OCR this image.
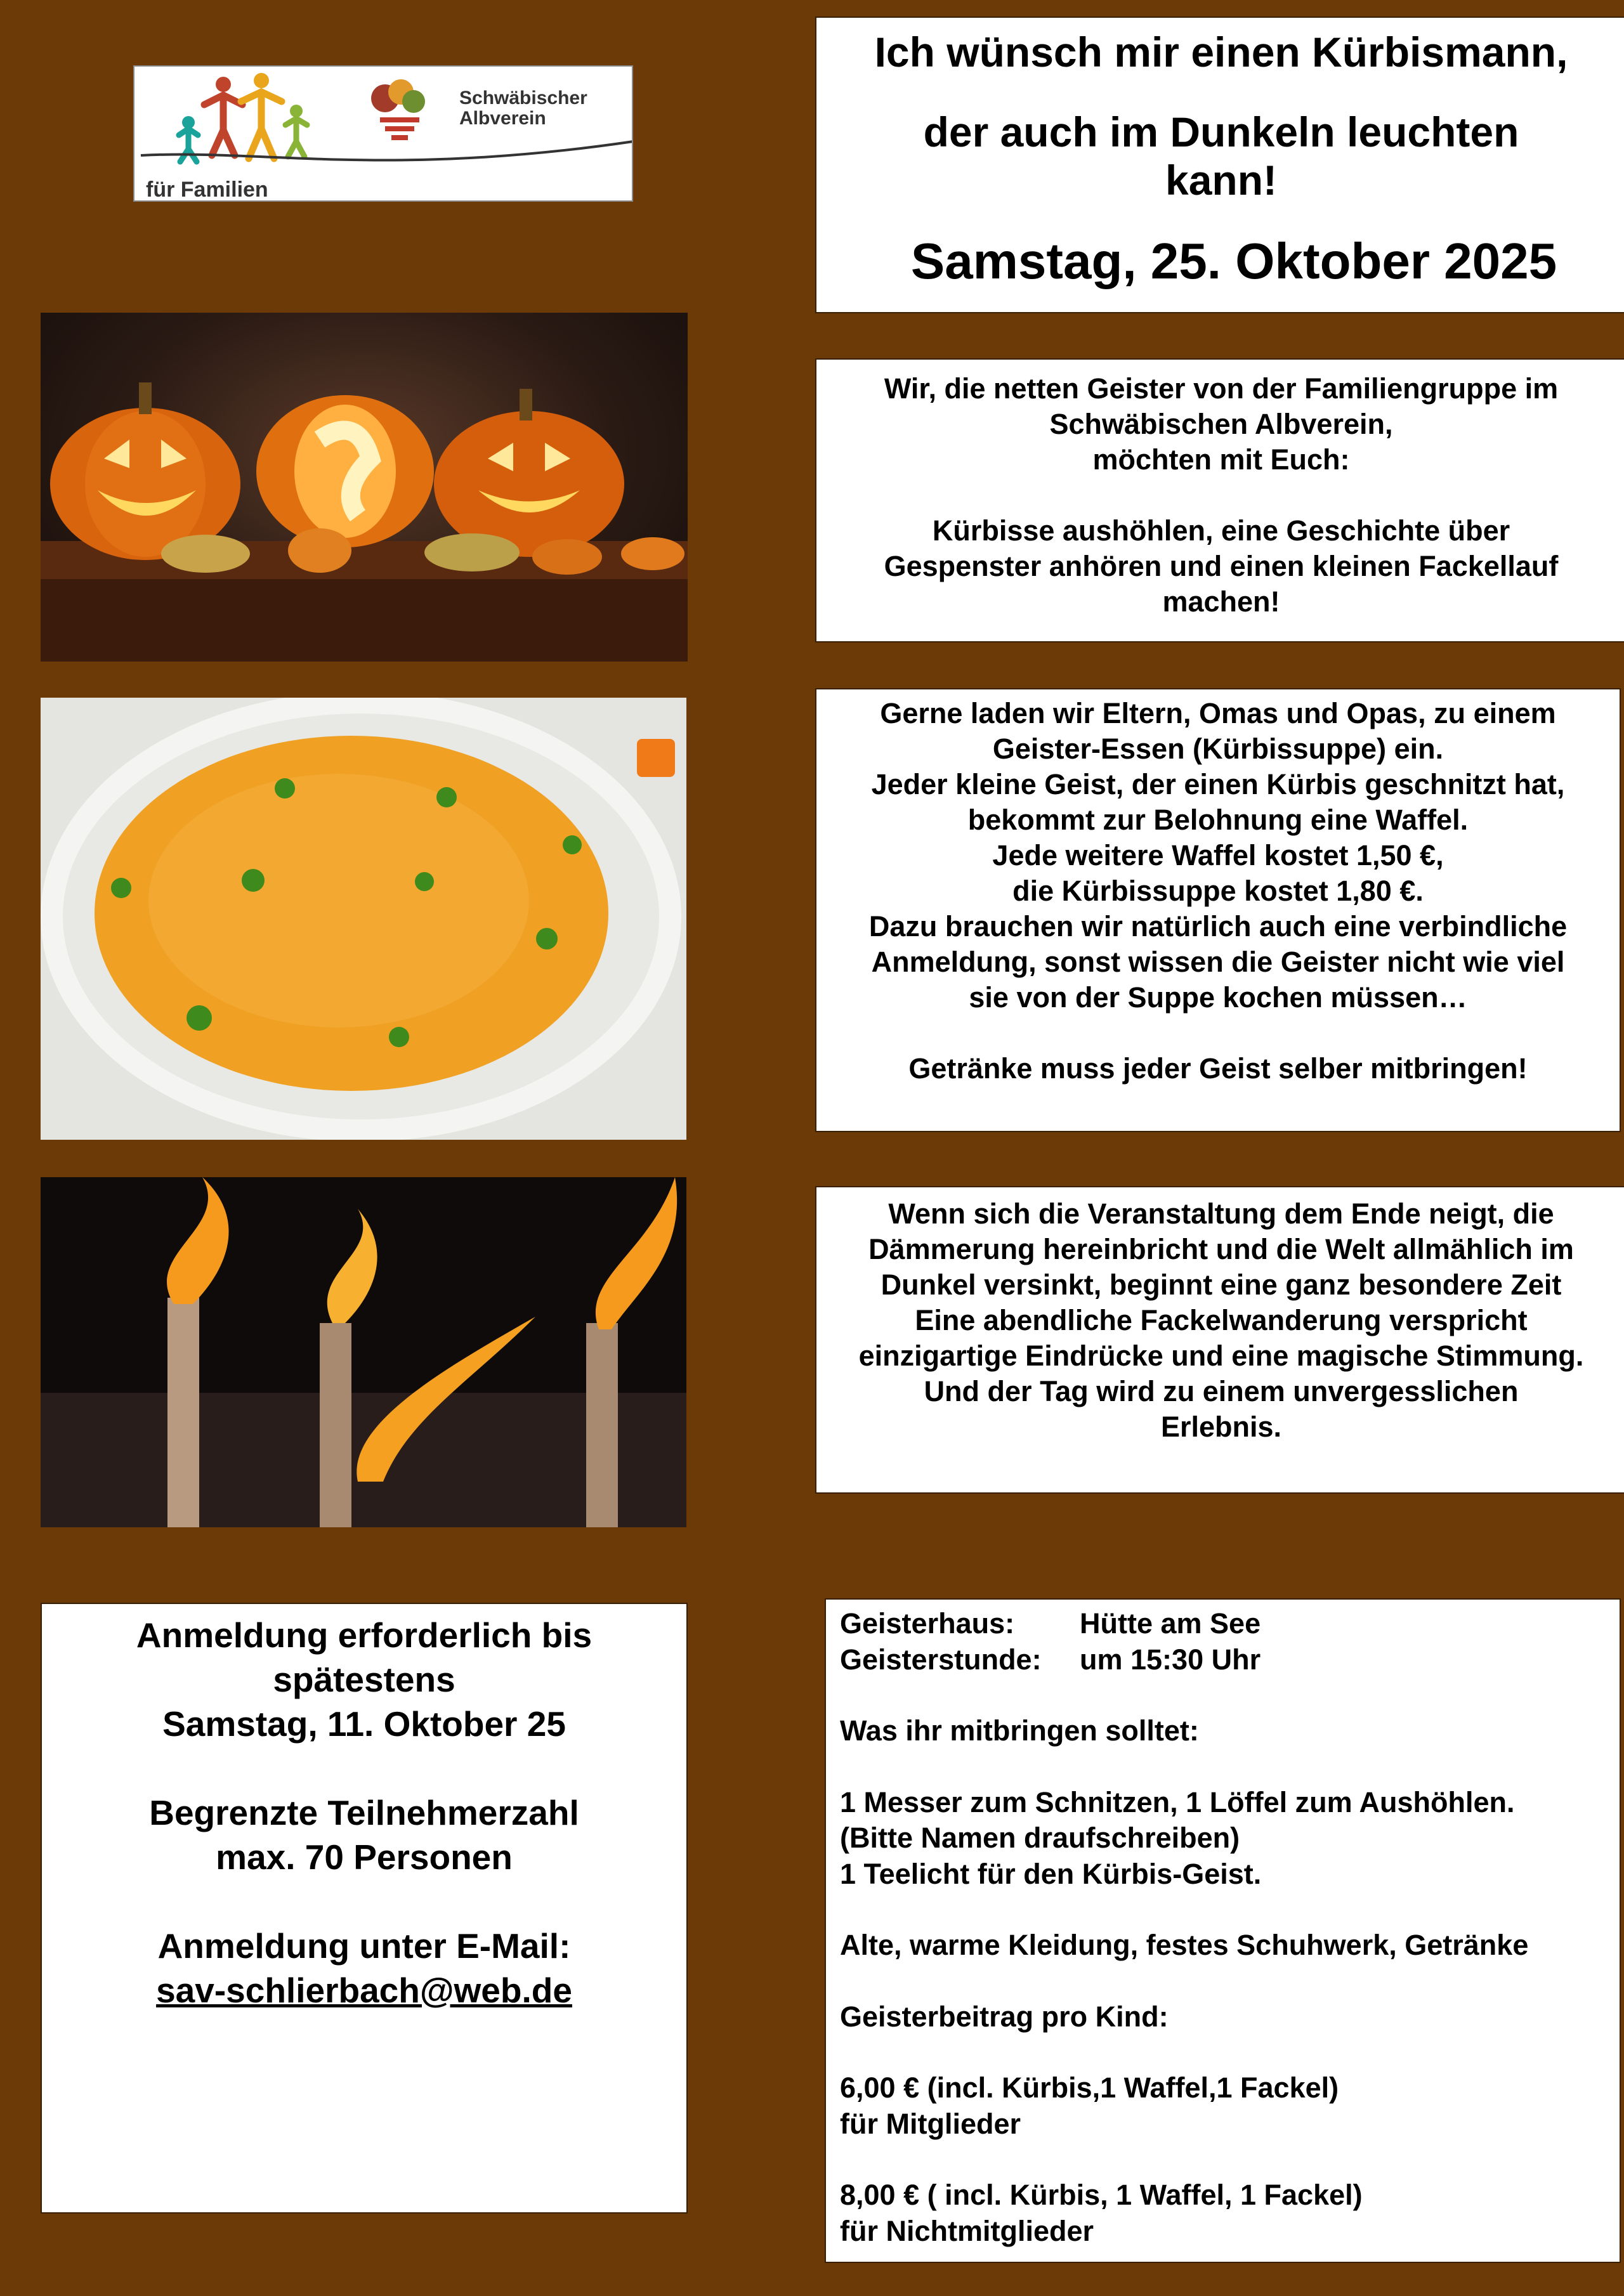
Schwäbischer
Albverein
für Familien
Ich wünsch mir einen Kürbismann,
der auch im Dunkeln leuchten
kann!
Samstag, 25. Oktober 2025
Wir, die netten Geister von der Familiengruppe im
Schwäbischen Albverein,
möchten mit Euch:
Kürbisse aushöhlen, eine Geschichte über
Gespenster anhören und einen kleinen Fackellauf
machen!
Gerne laden wir Eltern, Omas und Opas, zu einem
Geister-Essen (Kürbissuppe) ein.
Jeder kleine Geist, der einen Kürbis geschnitzt hat,
bekommt zur Belohnung eine Waffel.
Jede weitere Waffel kostet 1,50 €,
die Kürbissuppe kostet 1,80 €.
Dazu brauchen wir natürlich auch eine verbindliche
Anmeldung, sonst wissen die Geister nicht wie viel
sie von der Suppe kochen müssen…
Getränke muss jeder Geist selber mitbringen!
Wenn sich die Veranstaltung dem Ende neigt, die
Dämmerung hereinbricht und die Welt allmählich im
Dunkel versinkt, beginnt eine ganz besondere Zeit
Eine abendliche Fackelwanderung verspricht
einzigartige Eindrücke und eine magische Stimmung.
Und der Tag wird zu einem unvergesslichen
Erlebnis.
Anmeldung erforderlich bis
spätestens
Samstag, 11. Oktober 25
Begrenzte Teilnehmerzahl
max. 70 Personen
Anmeldung unter E-Mail:
sav-schlierbach@web.de
Geisterhaus: Hütte am See
Geisterstunde: um 15:30 Uhr
Was ihr mitbringen solltet:
1 Messer zum Schnitzen, 1 Löffel zum Aushöhlen.
(Bitte Namen draufschreiben)
1 Teelicht für den Kürbis-Geist.
Alte, warme Kleidung, festes Schuhwerk, Getränke
Geisterbeitrag pro Kind:
6,00 € (incl. Kürbis,1 Waffel,1 Fackel)
für Mitglieder
8,00 € ( incl. Kürbis, 1 Waffel, 1 Fackel)
für Nichtmitglieder
